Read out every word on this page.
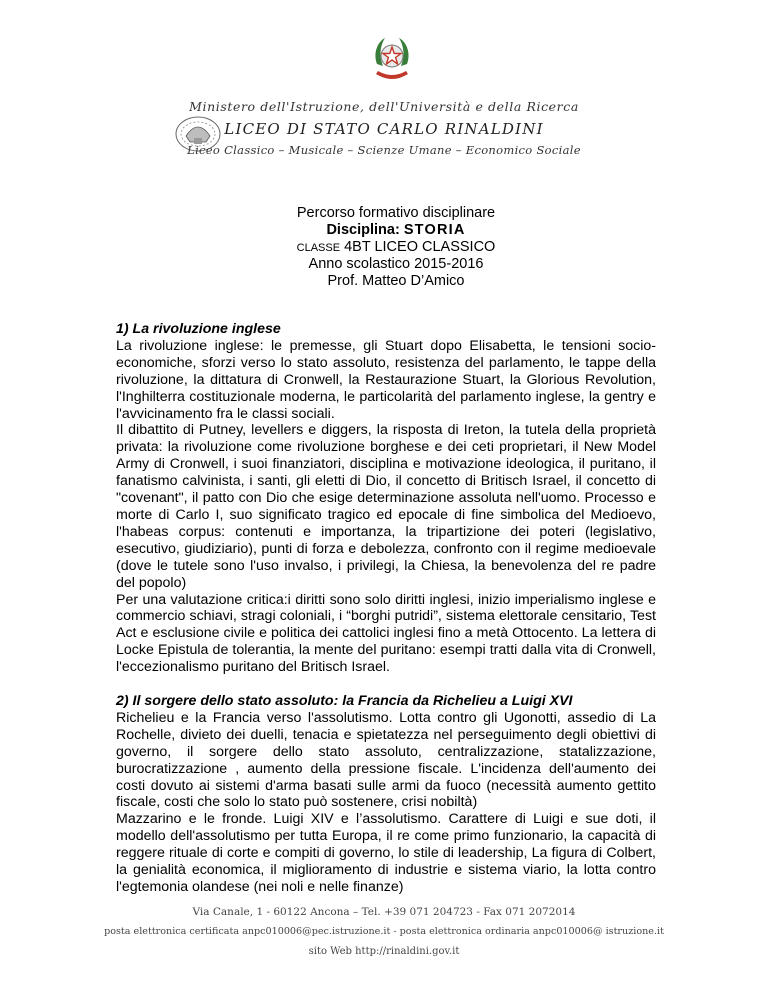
Ministero dell'Istruzione, dell'Università e della Ricerca
LICEO DI STATO CARLO RINALDINI
Liceo Classico – Musicale – Scienze Umane – Economico Sociale
Percorso formativo disciplinare
Disciplina: STORIA
CLASSE 4BT LICEO CLASSICO
Anno scolastico 2015-2016
Prof. Matteo D’Amico
1) La rivoluzione inglese

La rivoluzione inglese: le premesse, gli Stuart dopo Elisabetta, le tensioni socio-economiche, sforzi verso lo stato assoluto, resistenza del parlamento, le tappe della rivoluzione, la dittatura di Cronwell, la Restaurazione Stuart, la Glorious Revolution, l'Inghilterra costituzionale moderna, le particolarità del parlamento inglese, la gentry e l'avvicinamento fra le classi sociali.

Il dibattito di Putney, levellers e diggers, la risposta di Ireton, la tutela della proprietà privata: la rivoluzione come rivoluzione borghese e dei ceti proprietari, il New Model Army di Cronwell, i suoi finanziatori, disciplina e motivazione ideologica, il puritano, il fanatismo calvinista, i santi, gli eletti di Dio, il concetto di Britisch Israel, il concetto di "covenant", il patto con Dio che esige determinazione assoluta nell'uomo. Processo e morte di Carlo I, suo significato tragico ed epocale di fine simbolica del Medioevo, l'habeas corpus: contenuti e importanza, la tripartizione dei poteri (legislativo, esecutivo, giudiziario), punti di forza e debolezza, confronto con il regime medioevale (dove le tutele sono l'uso invalso, i privilegi, la Chiesa, la benevolenza del re padre del popolo)

Per una valutazione critica:i diritti sono solo diritti inglesi, inizio imperialismo inglese e commercio schiavi, stragi coloniali, i “borghi putridi”, sistema elettorale censitario, Test Act e esclusione civile e politica dei cattolici inglesi fino a metà Ottocento. La lettera di Locke Epistula de tolerantia, la mente del puritano: esempi tratti dalla vita di Cronwell, l'eccezionalismo puritano del Britisch Israel.

2) Il sorgere dello stato assoluto: la Francia da Richelieu a Luigi XVI

Richelieu e la Francia verso l'assolutismo. Lotta contro gli Ugonotti, assedio di La Rochelle, divieto dei duelli, tenacia e spietatezza nel perseguimento degli obiettivi di governo, il sorgere dello stato assoluto, centralizzazione, statalizzazione, burocratizzazione , aumento della pressione fiscale. L'incidenza dell'aumento dei costi dovuto ai sistemi d'arma basati sulle armi da fuoco (necessità aumento gettito fiscale, costi che solo lo stato può sostenere, crisi nobiltà)

Mazzarino e le fronde. Luigi XIV e l’assolutismo. Carattere di Luigi e sue doti, il modello dell'assolutismo per tutta Europa, il re come primo funzionario, la capacità di reggere rituale di corte e compiti di governo, lo stile di leadership, La figura di Colbert, la genialità economica, il miglioramento di industrie e sistema viario, la lotta contro l'egtemonia olandese (nei noli e nelle finanze)

Via Canale, 1 - 60122 Ancona – Tel. +39 071 204723 - Fax 071 2072014
posta elettronica certificata anpc010006@pec.istruzione.it - posta elettronica ordinaria anpc010006@ istruzione.it
sito Web http://rinaldini.gov.it
